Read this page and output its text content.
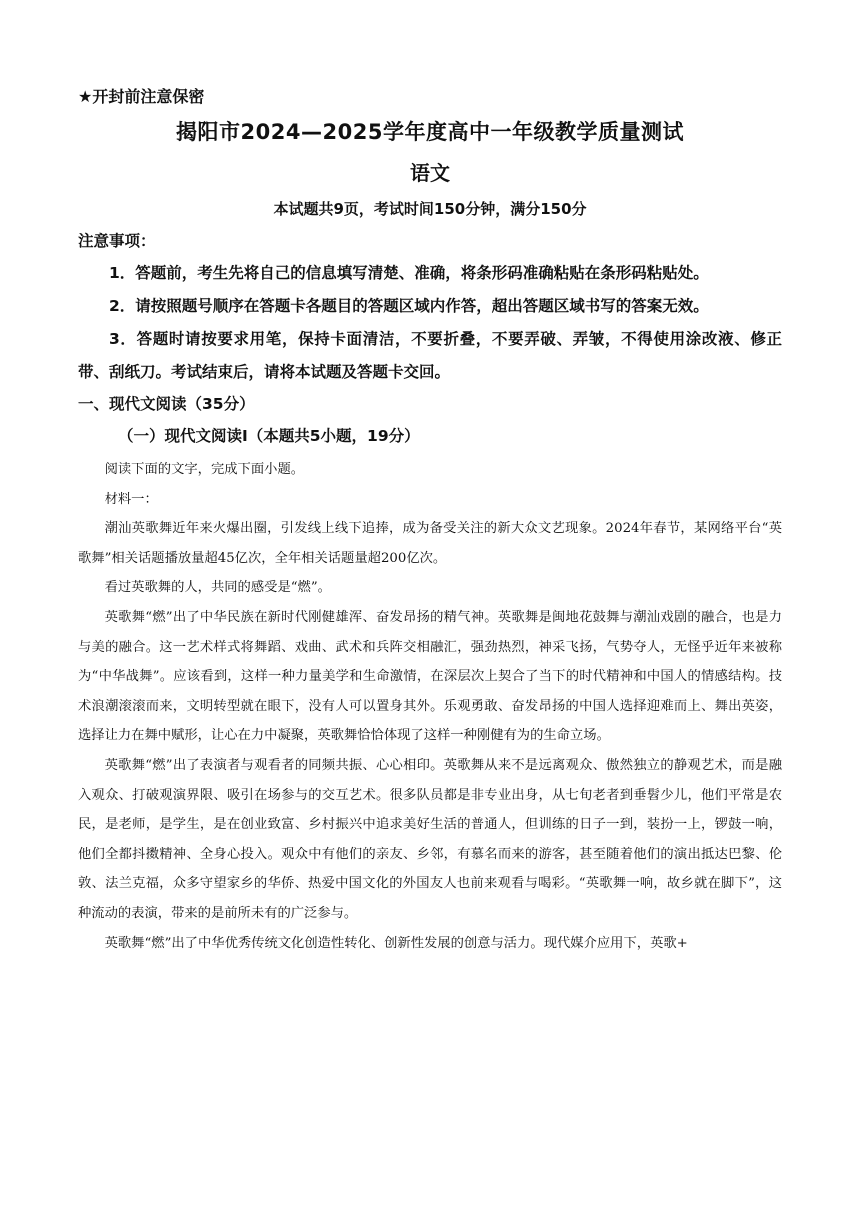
★开封前注意保密
揭阳市2024—2025学年度高中一年级教学质量测试
语文
本试题共9页，考试时间150分钟，满分150分
注意事项：

1．答题前，考生先将自己的信息填写清楚、准确，将条形码准确粘贴在条形码粘贴处。

2．请按照题号顺序在答题卡各题目的答题区域内作答，超出答题区域书写的答案无效。

3．答题时请按要求用笔，保持卡面清洁，不要折叠，不要弄破、弄皱，不得使用涂改液、修正带、刮纸刀。考试结束后，请将本试题及答题卡交回。

一、现代文阅读（35分）
（一）现代文阅读Ⅰ（本题共5小题，19分）

阅读下面的文字，完成下面小题。

材料一：

潮汕英歌舞近年来火爆出圈，引发线上线下追捧，成为备受关注的新大众文艺现象。2024年春节，某网络平台“英歌舞”相关话题播放量超45亿次，全年相关话题量超200亿次。

看过英歌舞的人，共同的感受是“燃”。

英歌舞“燃”出了中华民族在新时代刚健雄浑、奋发昂扬的精气神。英歌舞是闽地花鼓舞与潮汕戏剧的融合，也是力与美的融合。这一艺术样式将舞蹈、戏曲、武术和兵阵交相融汇，强劲热烈，神采飞扬，气势夺人，无怪乎近年来被称为“中华战舞”。应该看到，这样一种力量美学和生命激情，在深层次上契合了当下的时代精神和中国人的情感结构。技术浪潮滚滚而来，文明转型就在眼下，没有人可以置身其外。乐观勇敢、奋发昂扬的中国人选择迎难而上、舞出英姿，选择让力在舞中赋形，让心在力中凝聚，英歌舞恰恰体现了这样一种刚健有为的生命立场。

英歌舞“燃”出了表演者与观看者的同频共振、心心相印。英歌舞从来不是远离观众、傲然独立的静观艺术，而是融入观众、打破观演界限、吸引在场参与的交互艺术。很多队员都是非专业出身，从七旬老者到垂髫少儿，他们平常是农民，是老师，是学生，是在创业致富、乡村振兴中追求美好生活的普通人，但训练的日子一到，装扮一上，锣鼓一响，他们全都抖擞精神、全身心投入。观众中有他们的亲友、乡邻，有慕名而来的游客，甚至随着他们的演出抵达巴黎、伦敦、法兰克福，众多守望家乡的华侨、热爱中国文化的外国友人也前来观看与喝彩。“英歌舞一响，故乡就在脚下”，这种流动的表演，带来的是前所未有的广泛参与。

英歌舞“燃”出了中华优秀传统文化创造性转化、创新性发展的创意与活力。现代媒介应用下，英歌+
